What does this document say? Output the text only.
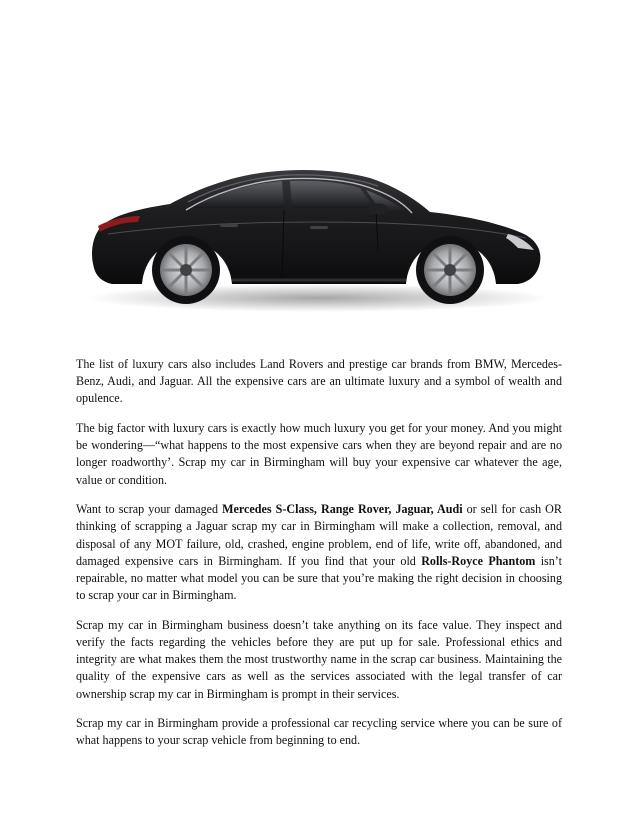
The list of luxury cars also includes Land Rovers and prestige car brands from BMW, Mercedes-Benz, Audi, and Jaguar. All the expensive cars are an ultimate luxury and a symbol of wealth and opulence.

The big factor with luxury cars is exactly how much luxury you get for your money. And you might be wondering—“what happens to the most expensive cars when they are beyond repair and are no longer roadworthy’. Scrap my car in Birmingham will buy your expensive car whatever the age, value or condition.

Want to scrap your damaged Mercedes S-Class, Range Rover, Jaguar, Audi or sell for cash OR thinking of scrapping a Jaguar scrap my car in Birmingham will make a collection, removal, and disposal of any MOT failure, old, crashed, engine problem, end of life, write off, abandoned, and damaged expensive cars in Birmingham. If you find that your old Rolls-Royce Phantom isn’t repairable, no matter what model you can be sure that you’re making the right decision in choosing to scrap your car in Birmingham.

Scrap my car in Birmingham business doesn’t take anything on its face value. They inspect and verify the facts regarding the vehicles before they are put up for sale. Professional ethics and integrity are what makes them the most trustworthy name in the scrap car business. Maintaining the quality of the expensive cars as well as the services associated with the legal transfer of car ownership scrap my car in Birmingham is prompt in their services.

Scrap my car in Birmingham provide a professional car recycling service where you can be sure of what happens to your scrap vehicle from beginning to end.
